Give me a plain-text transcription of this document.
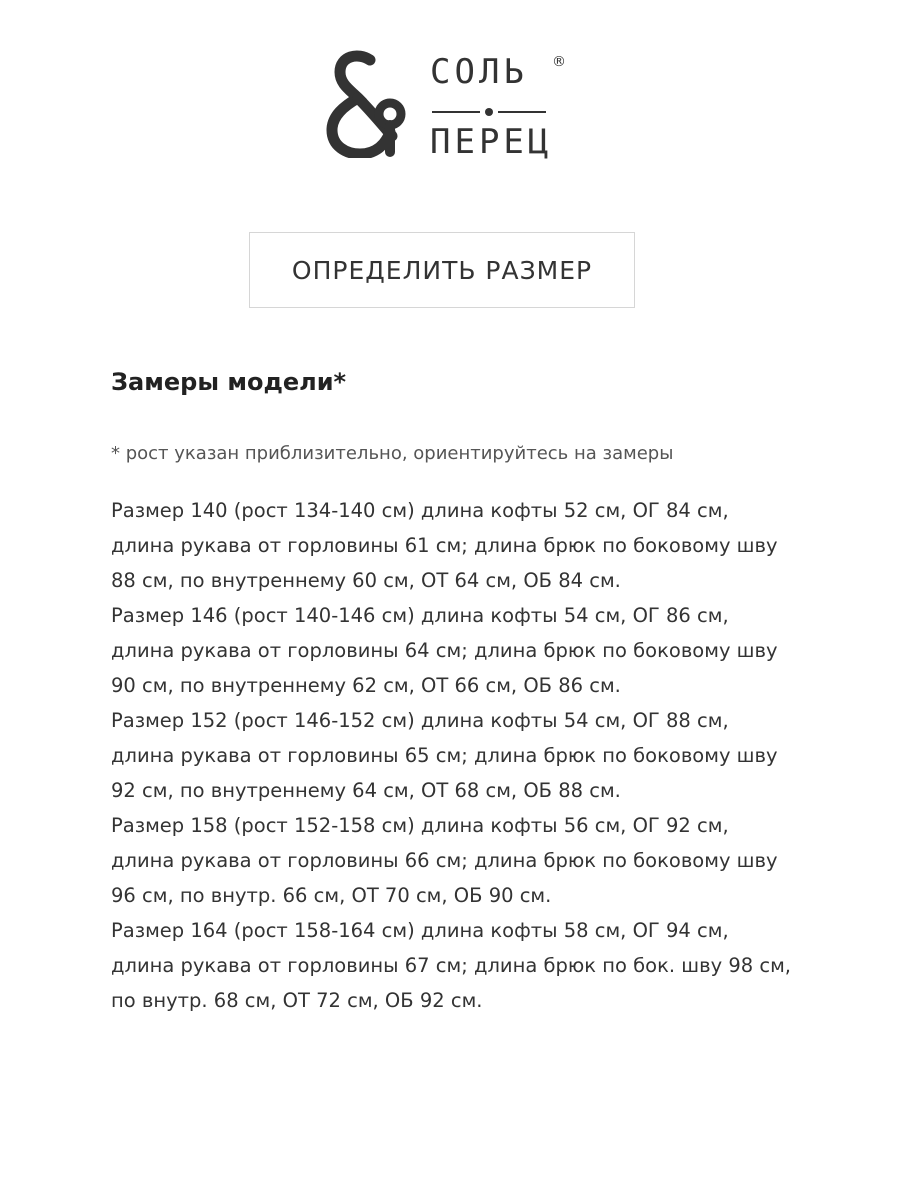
СОЛЬ ®
ПЕРЕЦ
ОПРЕДЕЛИТЬ РАЗМЕР
Замеры модели*
* рост указан приблизительно, ориентируйтесь на замеры

Размер 140 (рост 134-140 см) длина кофты 52 см, ОГ 84 см, длина рукава от горловины 61 см; длина брюк по боковому шву 88 см, по внутреннему 60 см, ОТ 64 см, ОБ 84 см.

Размер 146 (рост 140-146 см) длина кофты 54 см, ОГ 86 см, длина рукава от горловины 64 см; длина брюк по боковому шву 90 см, по внутреннему 62 см, ОТ 66 см, ОБ 86 см.

Размер 152 (рост 146-152 см) длина кофты 54 см, ОГ 88 см, длина рукава от горловины 65 см; длина брюк по боковому шву 92 см, по внутреннему 64 см, ОТ 68 см, ОБ 88 см.

Размер 158 (рост 152-158 см) длина кофты 56 см, ОГ 92 см, длина рукава от горловины 66 см; длина брюк по боковому шву 96 см, по внутр. 66 см, ОТ 70 см, ОБ 90 см.

Размер 164 (рост 158-164 см) длина кофты 58 см, ОГ 94 см, длина рукава от горловины 67 см; длина брюк по бок. шву 98 см, по внутр. 68 см, ОТ 72 см, ОБ 92 см.
